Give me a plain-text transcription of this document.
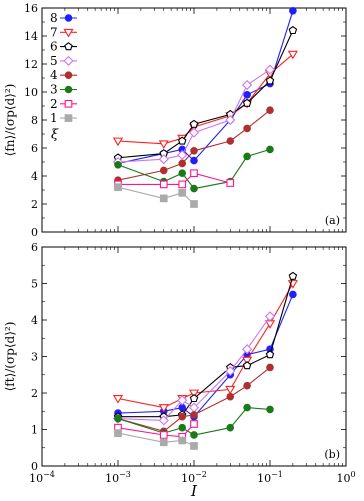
0
2
4
6
8
10
12
14
16
⟨fn⟩/(σp⟨d⟩²)
(a)
8
7
6
5
4
3
2
1
ξ
0
1
2
3
4
5
6
$10^{-4}$	$10^{-3}$	$10^{-2}$	$10^{-1}$	$10^0$
⟨ft⟩/(σp⟨d⟩²)
I
(b)
